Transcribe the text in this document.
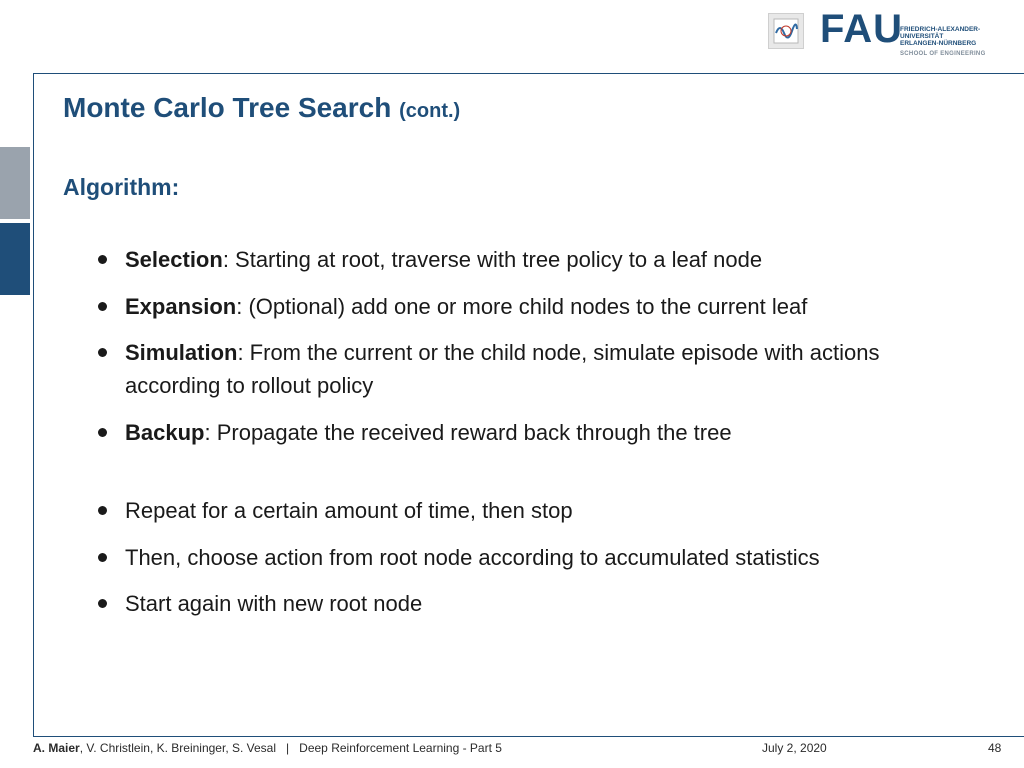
FAU
FRIEDRICH-ALEXANDER-
UNIVERSITÄT
ERLANGEN-NÜRNBERG
SCHOOL OF ENGINEERING
Monte Carlo Tree Search (cont.)
Algorithm:
Selection: Starting at root, traverse with tree policy to a leaf node
Expansion: (Optional) add one or more child nodes to the current leaf
Simulation: From the current or the child node, simulate episode with actions according to rollout policy
Backup: Propagate the received reward back through the tree
Repeat for a certain amount of time, then stop
Then, choose action from root node according to accumulated statistics
Start again with new root node
A. Maier, V. Christlein, K. Breininger, S. Vesal | Deep Reinforcement Learning - Part 5	July 2, 2020	48
